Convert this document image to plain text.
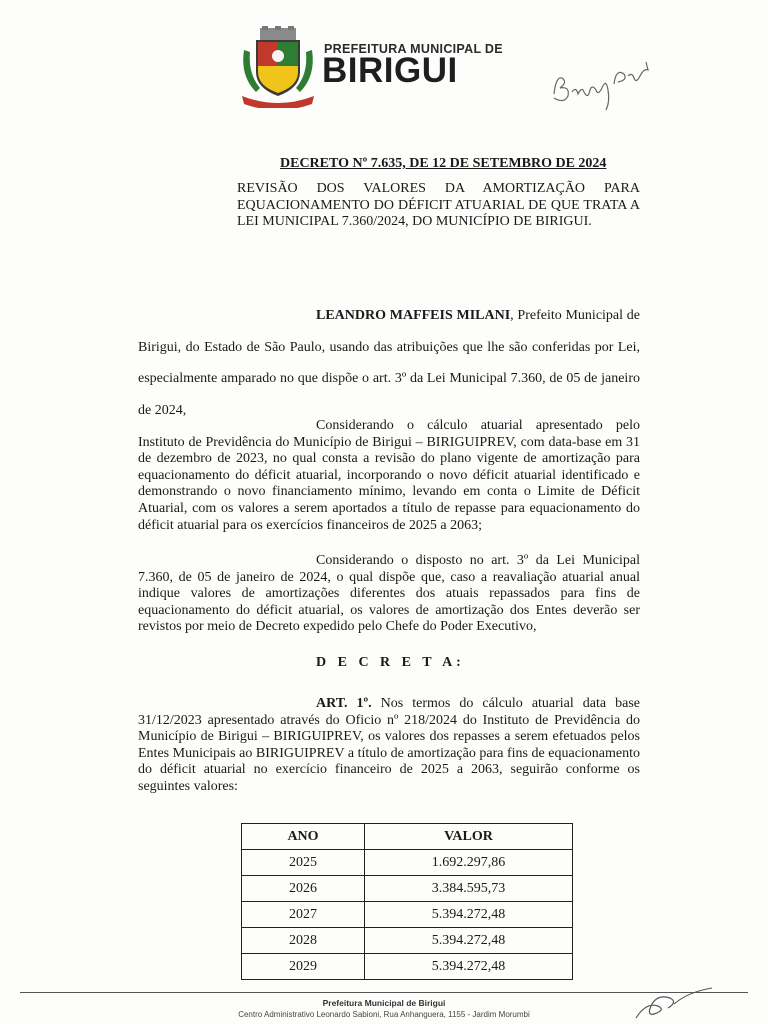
PREFEITURA MUNICIPAL DE
BIRIGUI
DECRETO Nº 7.635, DE 12 DE SETEMBRO DE 2024
REVISÃO DOS VALORES DA AMORTIZAÇÃO PARA EQUACIONAMENTO DO DÉFICIT ATUARIAL DE QUE TRATA A LEI MUNICIPAL 7.360/2024, DO MUNICÍPIO DE BIRIGUI.

LEANDRO MAFFEIS MILANI, Prefeito Municipal de Birigui, do Estado de São Paulo, usando das atribuições que lhe são conferidas por Lei, especialmente amparado no que dispõe o art. 3º da Lei Municipal 7.360, de 05 de janeiro de 2024,

Considerando o cálculo atuarial apresentado pelo Instituto de Previdência do Município de Birigui – BIRIGUIPREV, com data-base em 31 de dezembro de 2023, no qual consta a revisão do plano vigente de amortização para equacionamento do déficit atuarial, incorporando o novo déficit atuarial identificado e demonstrando o novo financiamento mínimo, levando em conta o Limite de Déficit Atuarial, com os valores a serem aportados a título de repasse para equacionamento do déficit atuarial para os exercícios financeiros de 2025 a 2063;

Considerando o disposto no art. 3º da Lei Municipal 7.360, de 05 de janeiro de 2024, o qual dispõe que, caso a reavaliação atuarial anual indique valores de amortizações diferentes dos atuais repassados para fins de equacionamento do déficit atuarial, os valores de amortização dos Entes deverão ser revistos por meio de Decreto expedido pelo Chefe do Poder Executivo,

D E C R E T A:

ART. 1º. Nos termos do cálculo atuarial data base 31/12/2023 apresentado através do Oficio nº 218/2024 do Instituto de Previdência do Município de Birigui – BIRIGUIPREV, os valores dos repasses a serem efetuados pelos Entes Municipais ao BIRIGUIPREV a título de amortização para fins de equacionamento do déficit atuarial no exercício financeiro de 2025 a 2063, seguirão conforme os seguintes valores:

ANO	VALOR
2025	1.692.297,86
2026	3.384.595,73
2027	5.394.272,48
2028	5.394.272,48
2029	5.394.272,48
Prefeitura Municipal de Birigui
Centro Administrativo Leonardo Sabioni, Rua Anhanguera, 1155 - Jardim Morumbi
